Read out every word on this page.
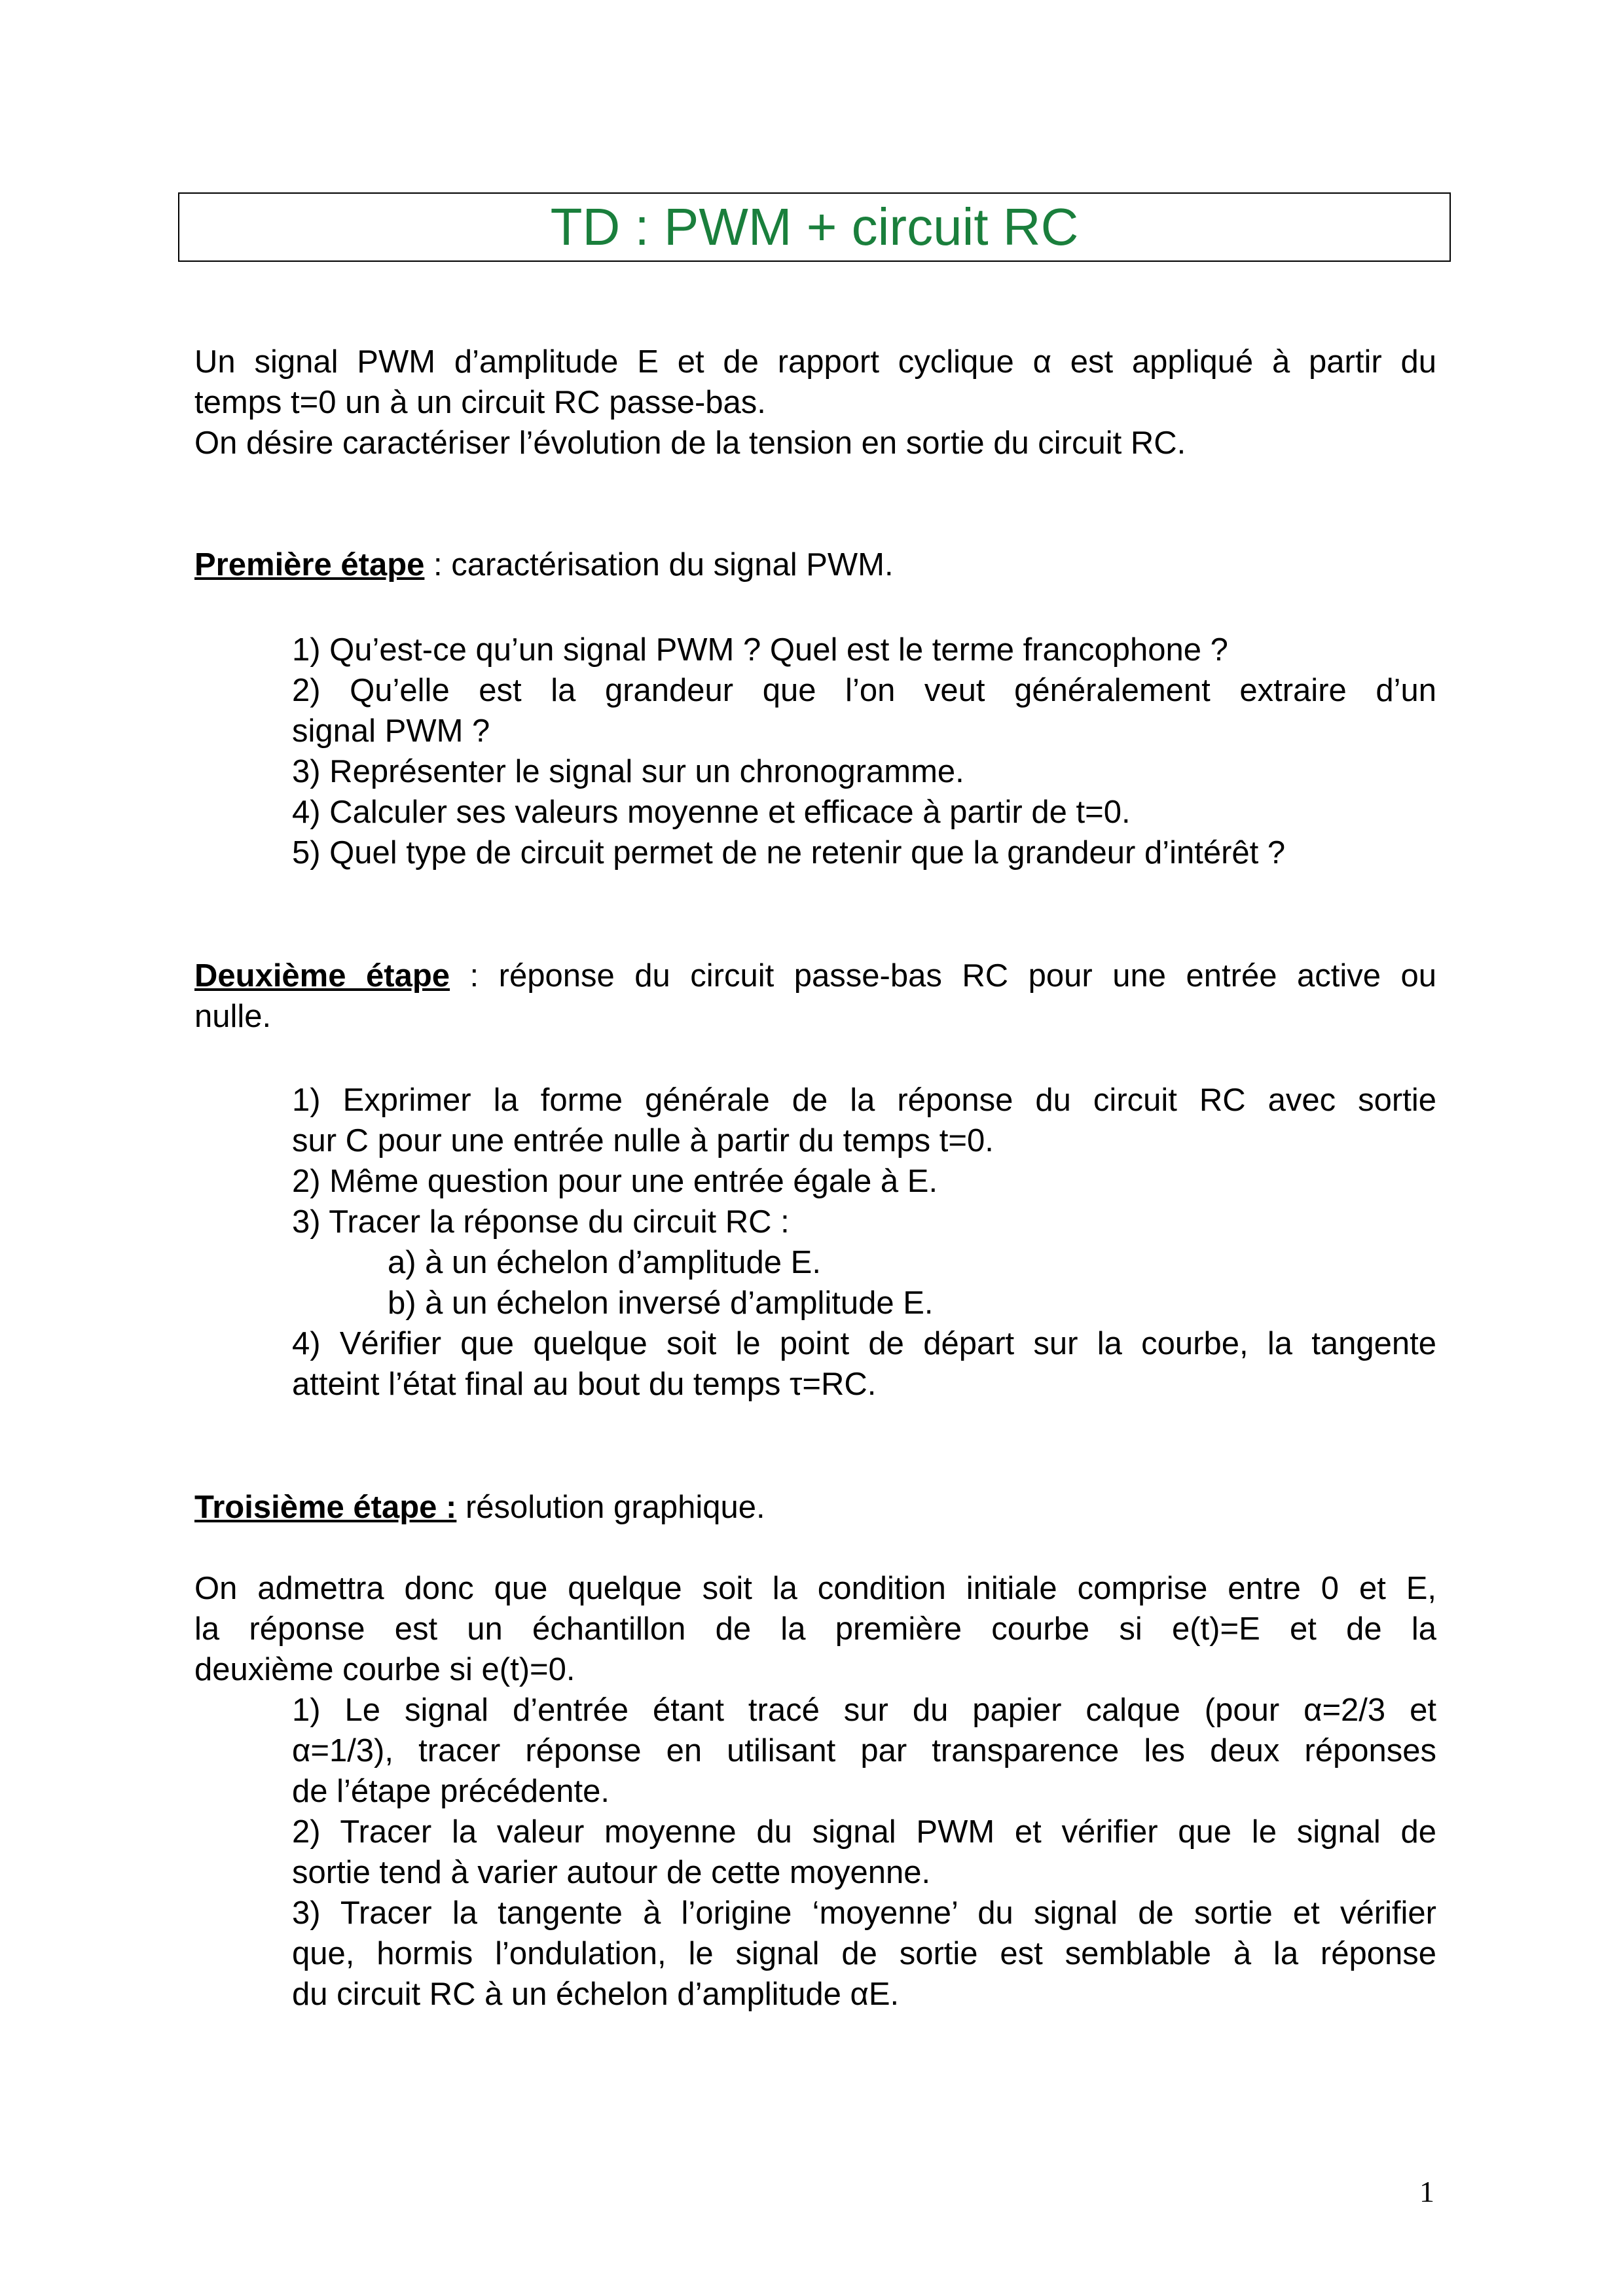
TD : PWM + circuit RC
Un signal PWM d’amplitude E et de rapport cyclique α est appliqué à partir du
temps t=0 un à un circuit RC passe-bas.
On désire caractériser l’évolution de la tension en sortie du circuit RC.
Première étape : caractérisation du signal PWM.
1) Qu’est-ce qu’un signal PWM ? Quel est le terme francophone ?
2) Qu’elle est la grandeur que l’on veut généralement extraire d’un
signal PWM ?
3) Représenter le signal sur un chronogramme.
4) Calculer ses valeurs moyenne et efficace à partir de t=0.
5) Quel type de circuit permet de ne retenir que la grandeur d’intérêt ?
Deuxième étape : réponse du circuit passe-bas RC pour une entrée active ou
nulle.
1) Exprimer la forme générale de la réponse du circuit RC avec sortie
sur C pour une entrée nulle à partir du temps t=0.
2) Même question pour une entrée égale à E.
3) Tracer la réponse du circuit RC :
a) à un échelon d’amplitude E.
b) à un échelon inversé d’amplitude E.
4) Vérifier que quelque soit le point de départ sur la courbe, la tangente
atteint l’état final au bout du temps τ=RC.
Troisième étape : résolution graphique.
On admettra donc que quelque soit la condition initiale comprise entre 0 et E,
la réponse est un échantillon de la première courbe si e(t)=E et de la
deuxième courbe si e(t)=0.
1) Le signal d’entrée étant tracé sur du papier calque (pour α=2/3 et
α=1/3), tracer réponse en utilisant par transparence les deux réponses
de l’étape précédente.
2) Tracer la valeur moyenne du signal PWM et vérifier que le signal de
sortie tend à varier autour de cette moyenne.
3) Tracer la tangente à l’origine ‘moyenne’ du signal de sortie et vérifier
que, hormis l’ondulation, le signal de sortie est semblable à la réponse
du circuit RC à un échelon d’amplitude αE.
1
